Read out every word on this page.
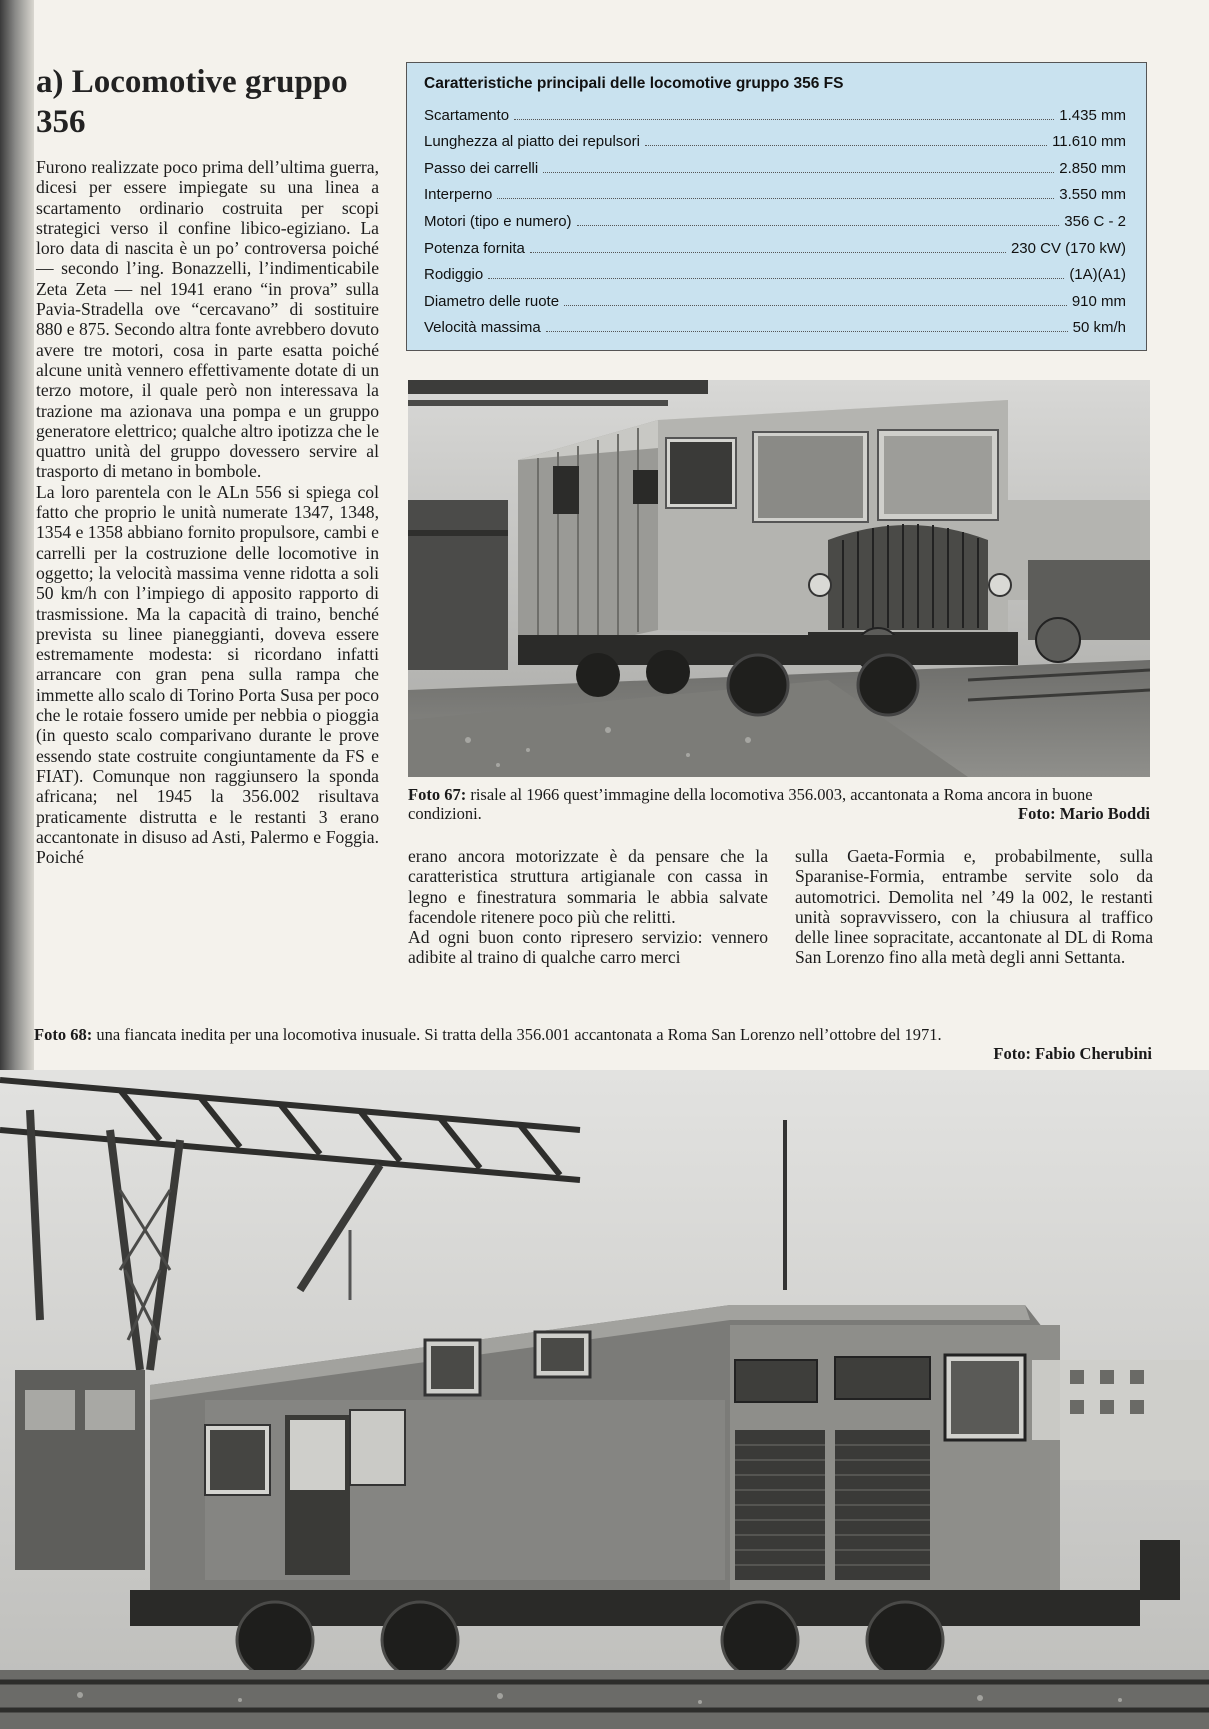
a) Locomotive gruppo 356

Furono realizzate poco prima dell’ultima guerra, dicesi per essere impiegate su una linea a scartamento ordinario costruita per scopi strategici verso il confine libico-egiziano. La loro data di nascita è un po’ controversa poiché — secondo l’ing. Bonazzelli, l’indimenticabile Zeta Zeta — nel 1941 erano “in prova” sulla Pavia-Stradella ove “cercavano” di sostituire 880 e 875. Secondo altra fonte avrebbero dovuto avere tre motori, cosa in parte esatta poiché alcune unità vennero effettivamente dotate di un terzo motore, il quale però non interessava la trazione ma azionava una pompa e un gruppo generatore elettrico; qualche altro ipotizza che le quattro unità del gruppo dovessero servire al trasporto di metano in bombole.

La loro parentela con le ALn 556 si spiega col fatto che proprio le unità numerate 1347, 1348, 1354 e 1358 abbiano fornito propulsore, cambi e carrelli per la costruzione delle locomotive in oggetto; la velocità massima venne ridotta a soli 50 km/h con l’impiego di apposito rapporto di trasmissione. Ma la capacità di traino, benché prevista su linee pianeggianti, doveva essere estremamente modesta: si ricordano infatti arrancare con gran pena sulla rampa che immette allo scalo di Torino Porta Susa per poco che le rotaie fossero umide per nebbia o pioggia (in questo scalo comparivano durante le prove essendo state costruite congiuntamente da FS e FIAT). Comunque non raggiunsero la sponda africana; nel 1945 la 356.002 risultava praticamente distrutta e le restanti 3 erano accantonate in disuso ad Asti, Palermo e Foggia. Poiché

Caratteristiche principali delle locomotive gruppo 356 FS
Scartamento	1.435 mm
Lunghezza al piatto dei repulsori	11.610 mm
Passo dei carrelli	2.850 mm
Interperno	3.550 mm
Motori (tipo e numero)	356 C - 2
Potenza fornita	230 CV (170 kW)
Rodiggio	(1A)(A1)
Diametro delle ruote	910 mm
Velocità massima	50 km/h
Foto 67: risale al 1966 quest’immagine della locomotiva 356.003, accantonata a Roma ancora in buone condizioni.	Foto: Mario Boddi

erano ancora motorizzate è da pensare che la caratteristica struttura artigianale con cassa in legno e finestratura sommaria le abbia salvate facendole ritenere poco più che relitti.

Ad ogni buon conto ripresero servizio: vennero adibite al traino di qualche carro merci

sulla Gaeta-Formia e, probabilmente, sulla Sparanise-Formia, entrambe servite solo da automotrici. Demolita nel ’49 la 002, le restanti unità sopravvissero, con la chiusura al traffico delle linee sopracitate, accantonate al DL di Roma San Lorenzo fino alla metà degli anni Settanta.

Foto 68: una fiancata inedita per una locomotiva inusuale. Si tratta della 356.001 accantonata a Roma San Lorenzo nell’ottobre del 1971.
Foto: Fabio Cherubini
